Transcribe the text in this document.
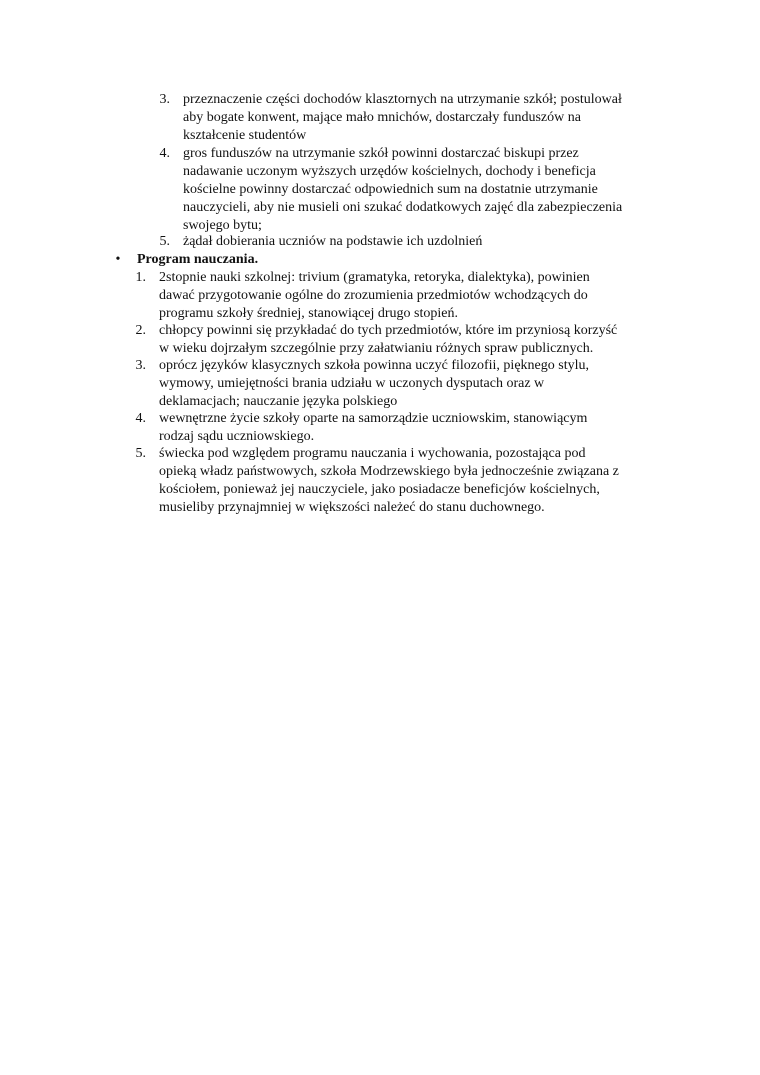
3. przeznaczenie części dochodów klasztornych na utrzymanie szkół; postulował
aby bogate konwent, mające mało mnichów, dostarczały funduszów na
kształcenie studentów
4. gros funduszów na utrzymanie szkół powinni dostarczać biskupi przez
nadawanie uczonym wyższych urzędów kościelnych, dochody i beneficja
kościelne powinny dostarczać odpowiednich sum na dostatnie utrzymanie
nauczycieli, aby nie musieli oni szukać dodatkowych zajęć dla zabezpieczenia
swojego bytu;
5. żądał dobierania uczniów na podstawie ich uzdolnień
• Program nauczania.
1. 2stopnie nauki szkolnej: trivium (gramatyka, retoryka, dialektyka), powinien
dawać przygotowanie ogólne do zrozumienia przedmiotów wchodzących do
programu szkoły średniej, stanowiącej drugo stopień.
2. chłopcy powinni się przykładać do tych przedmiotów, które im przyniosą korzyść
w wieku dojrzałym szczególnie przy załatwianiu różnych spraw publicznych.
3. oprócz języków klasycznych szkoła powinna uczyć filozofii, pięknego stylu,
wymowy, umiejętności brania udziału w uczonych dysputach oraz w
deklamacjach; nauczanie języka polskiego
4. wewnętrzne życie szkoły oparte na samorządzie uczniowskim, stanowiącym
rodzaj sądu uczniowskiego.
5. świecka pod względem programu nauczania i wychowania, pozostająca pod
opieką władz państwowych, szkoła Modrzewskiego była jednocześnie związana z
kościołem, ponieważ jej nauczyciele, jako posiadacze beneficjów kościelnych,
musieliby przynajmniej w większości należeć do stanu duchownego.
